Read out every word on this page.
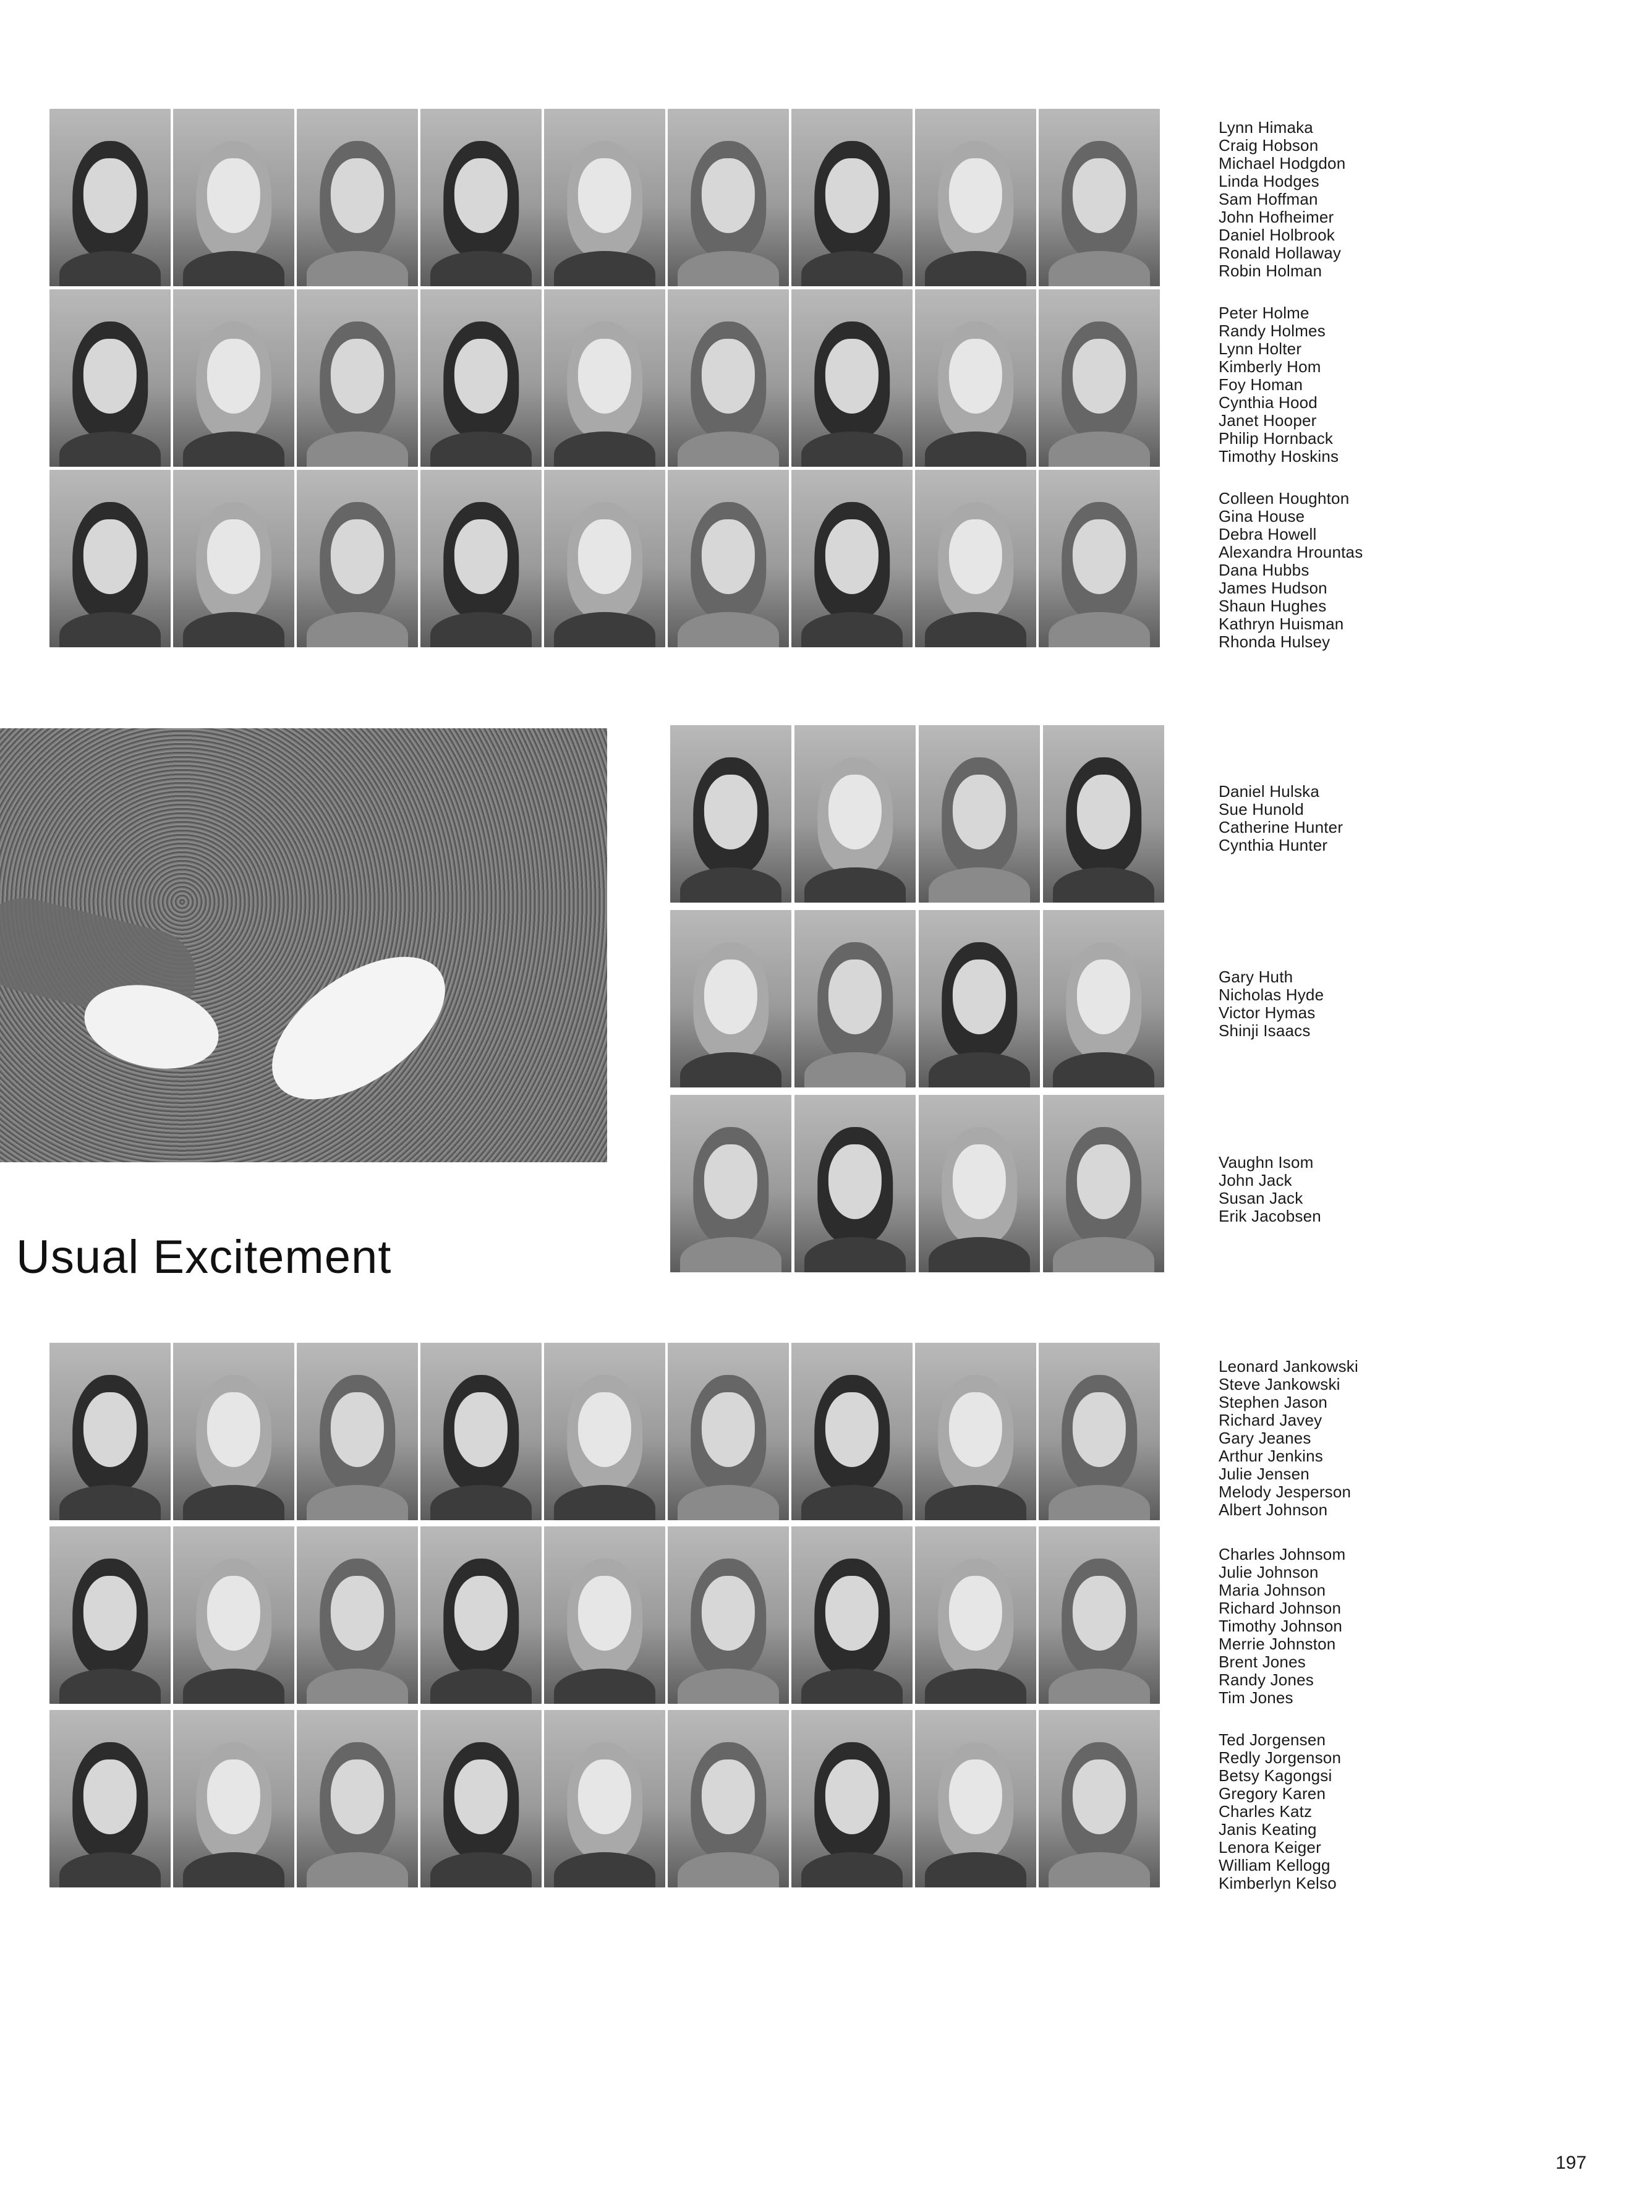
Lynn Himaka
Craig Hobson
Michael Hodgdon
Linda Hodges
Sam Hoffman
John Hofheimer
Daniel Holbrook
Ronald Hollaway
Robin Holman
Peter Holme
Randy Holmes
Lynn Holter
Kimberly Hom
Foy Homan
Cynthia Hood
Janet Hooper
Philip Hornback
Timothy Hoskins
Colleen Houghton
Gina House
Debra Howell
Alexandra Hrountas
Dana Hubbs
James Hudson
Shaun Hughes
Kathryn Huisman
Rhonda Hulsey
Usual Excitement
Daniel Hulska
Sue Hunold
Catherine Hunter
Cynthia Hunter
Gary Huth
Nicholas Hyde
Victor Hymas
Shinji Isaacs
Vaughn Isom
John Jack
Susan Jack
Erik Jacobsen
Leonard Jankowski
Steve Jankowski
Stephen Jason
Richard Javey
Gary Jeanes
Arthur Jenkins
Julie Jensen
Melody Jesperson
Albert Johnson
Charles Johnsom
Julie Johnson
Maria Johnson
Richard Johnson
Timothy Johnson
Merrie Johnston
Brent Jones
Randy Jones
Tim Jones
Ted Jorgensen
Redly Jorgenson
Betsy Kagongsi
Gregory Karen
Charles Katz
Janis Keating
Lenora Keiger
William Kellogg
Kimberlyn Kelso
197
